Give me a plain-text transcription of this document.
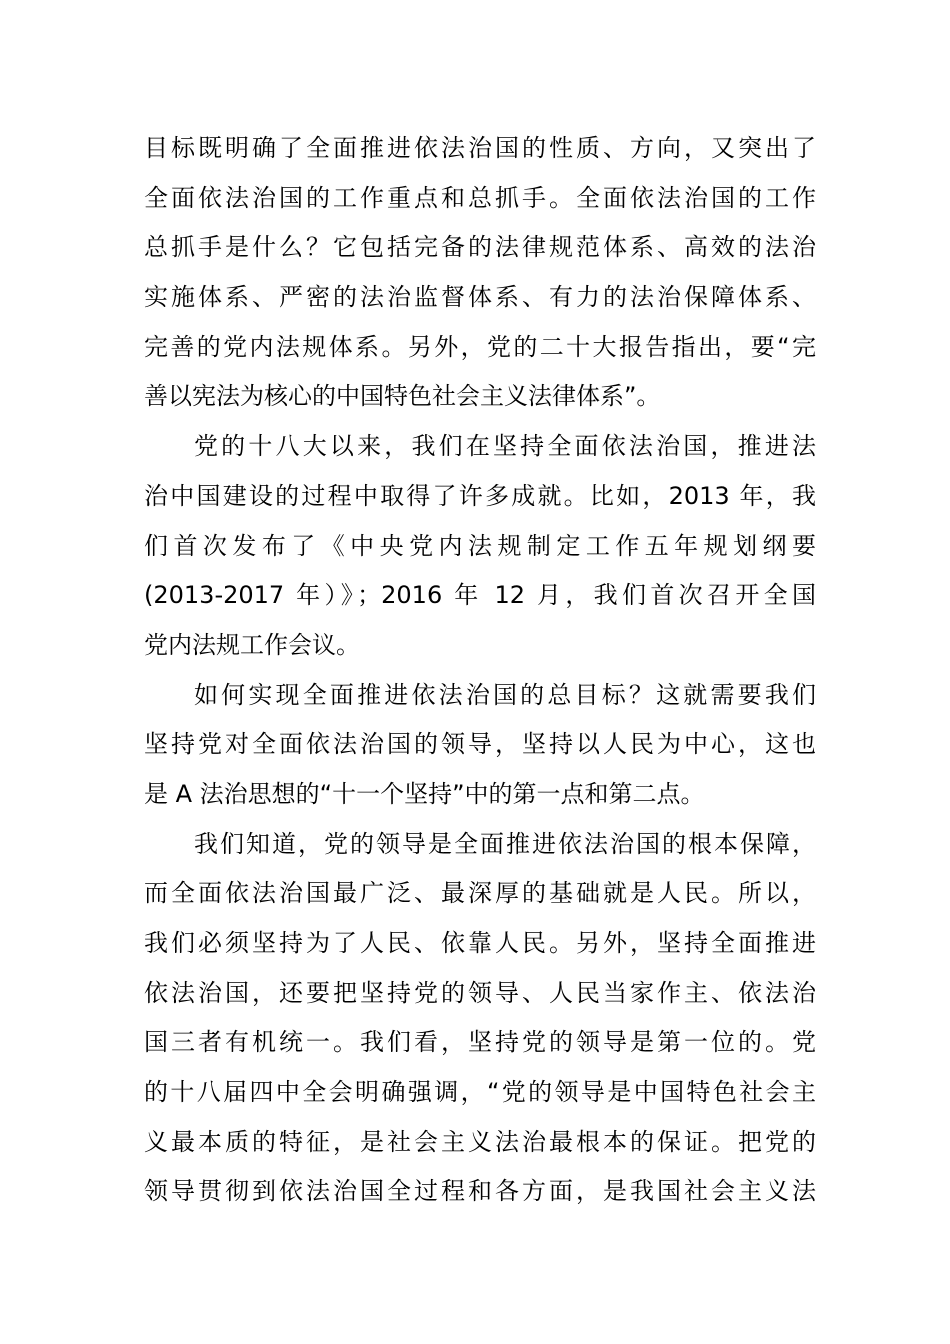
目标既明确了全面推进依法治国的性质、方向，又突出了
全面依法治国的工作重点和总抓手。全面依法治国的工作
总抓手是什么？它包括完备的法律规范体系、高效的法治
实施体系、严密的法治监督体系、有力的法治保障体系、
完善的党内法规体系。另外，党的二十大报告指出，要“完
善以宪法为核心的中国特色社会主义法律体系”。
党的十八大以来，我们在坚持全面依法治国，推进法
治中国建设的过程中取得了许多成就。比如，2013 年，我
们首次发布了《中央党内法规制定工作五年规划纲要
(2013-2017 年）》；2016 年 12 月，我们首次召开全国
党内法规工作会议。
如何实现全面推进依法治国的总目标？这就需要我们
坚持党对全面依法治国的领导，坚持以人民为中心，这也
是 A 法治思想的“十一个坚持”中的第一点和第二点。
我们知道，党的领导是全面推进依法治国的根本保障，
而全面依法治国最广泛、最深厚的基础就是人民。所以，
我们必须坚持为了人民、依靠人民。另外，坚持全面推进
依法治国，还要把坚持党的领导、人民当家作主、依法治
国三者有机统一。我们看，坚持党的领导是第一位的。党
的十八届四中全会明确强调，“党的领导是中国特色社会主
义最本质的特征，是社会主义法治最根本的保证。把党的
领导贯彻到依法治国全过程和各方面，是我国社会主义法
